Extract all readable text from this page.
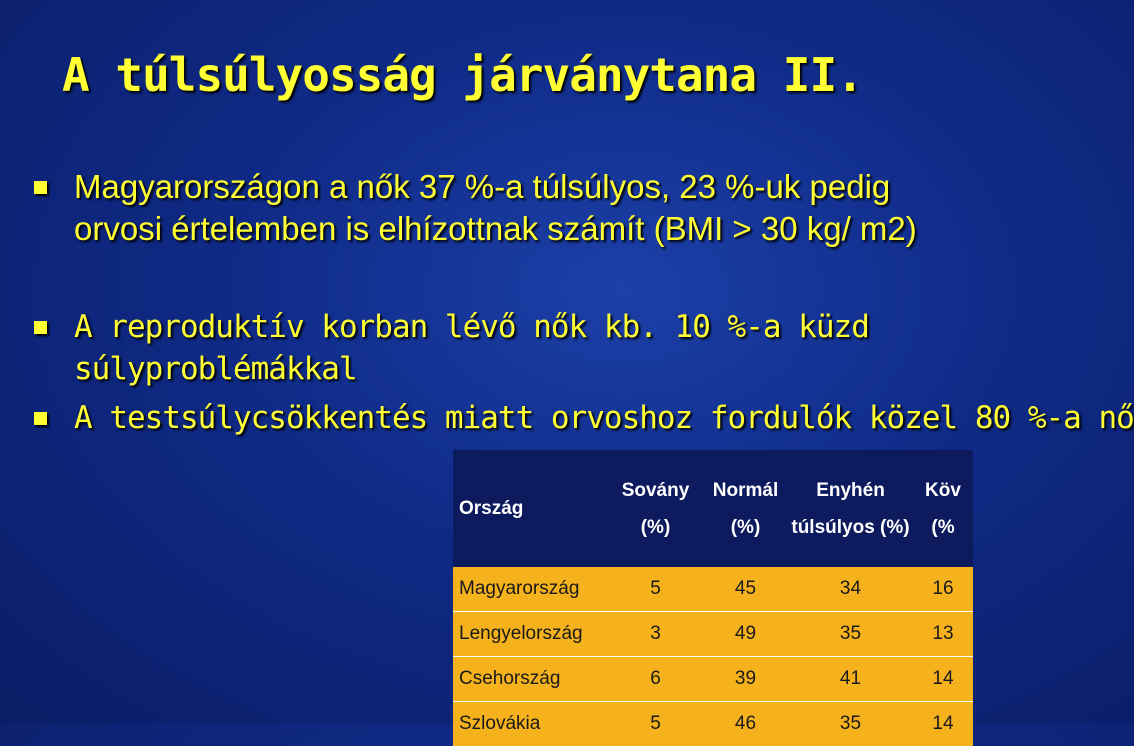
A túlsúlyosság járványtana II.
Magyarországon a nők 37 %-a túlsúlyos, 23 %-uk pedig orvosi értelemben is elhízottnak számít (BMI > 30 kg/ m2)
A reproduktív korban lévő nők kb. 10 %-a küzd súlyproblémákkal
A testsúlycsökkentés miatt orvoshoz fordulók közel 80 %-a nő
Ország	Sovány (%)	Normál (%)	Enyhén túlsúlyos (%)	Köv (%
Magyarország	5	45	34	16
Lengyelország	3	49	35	13
Csehország	6	39	41	14
Szlovákia	5	46	35	14
